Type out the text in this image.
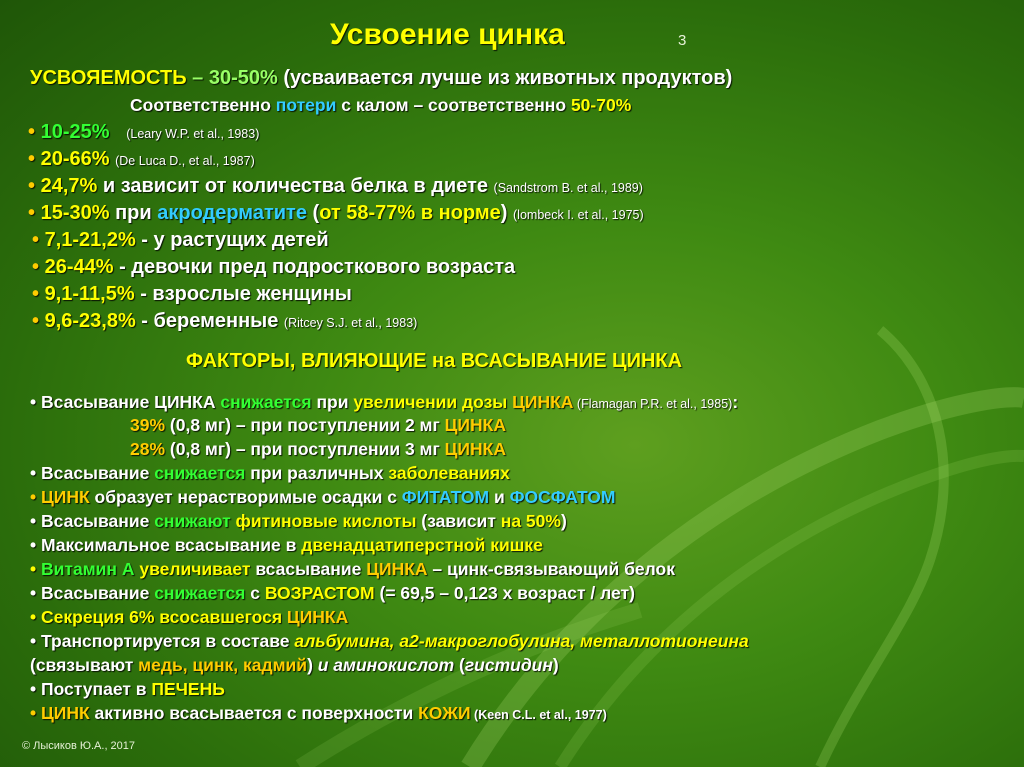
Усвоение цинка	3
УСВОЯЕМОСТЬ – 30-50% (усваивается лучше из животных продуктов)
Соответственно потери с калом – соответственно 50-70%
• 10-25%   (Leary W.P. et al., 1983)
• 20-66% (De Luca D., et al., 1987)
• 24,7% и зависит от количества белка в диете (Sandstrom B. et al., 1989)
• 15-30% при акродерматите (от 58-77% в норме) (lombeck I. et al., 1975)
• 7,1-21,2% - у растущих детей
• 26-44% - девочки пред подросткового возраста
• 9,1-11,5% - взрослые женщины
• 9,6-23,8% - беременные (Ritcey S.J. et al., 1983)
ФАКТОРЫ, ВЛИЯЮЩИЕ на ВСАСЫВАНИЕ ЦИНКА
• Всасывание ЦИНКА снижается при увеличении дозы ЦИНКА (Flamagan P.R. et al., 1985):
39% (0,8 мг) – при поступлении 2 мг ЦИНКА
28% (0,8 мг) – при поступлении 3 мг ЦИНКА
• Всасывание снижается при различных заболеваниях
• ЦИНК образует нерастворимые осадки с ФИТАТОМ и ФОСФАТОМ
• Всасывание снижают фитиновые кислоты (зависит на 50%)
• Максимальное всасывание в двенадцатиперстной кишке
• Витамин А увеличивает всасывание ЦИНКА – цинк-связывающий белок
• Всасывание снижается с ВОЗРАСТОМ (= 69,5 – 0,123 х возраст / лет)
• Секреция 6% всосавшегося ЦИНКА
• Транспортируется в составе альбумина, а2-макроглобулина, металлотионеина
(связывают медь, цинк, кадмий) и аминокислот (гистидин)
• Поступает в ПЕЧЕНЬ
• ЦИНК активно всасывается с поверхности КОЖИ (Keen C.L. et al., 1977)
© Лысиков Ю.А., 2017
